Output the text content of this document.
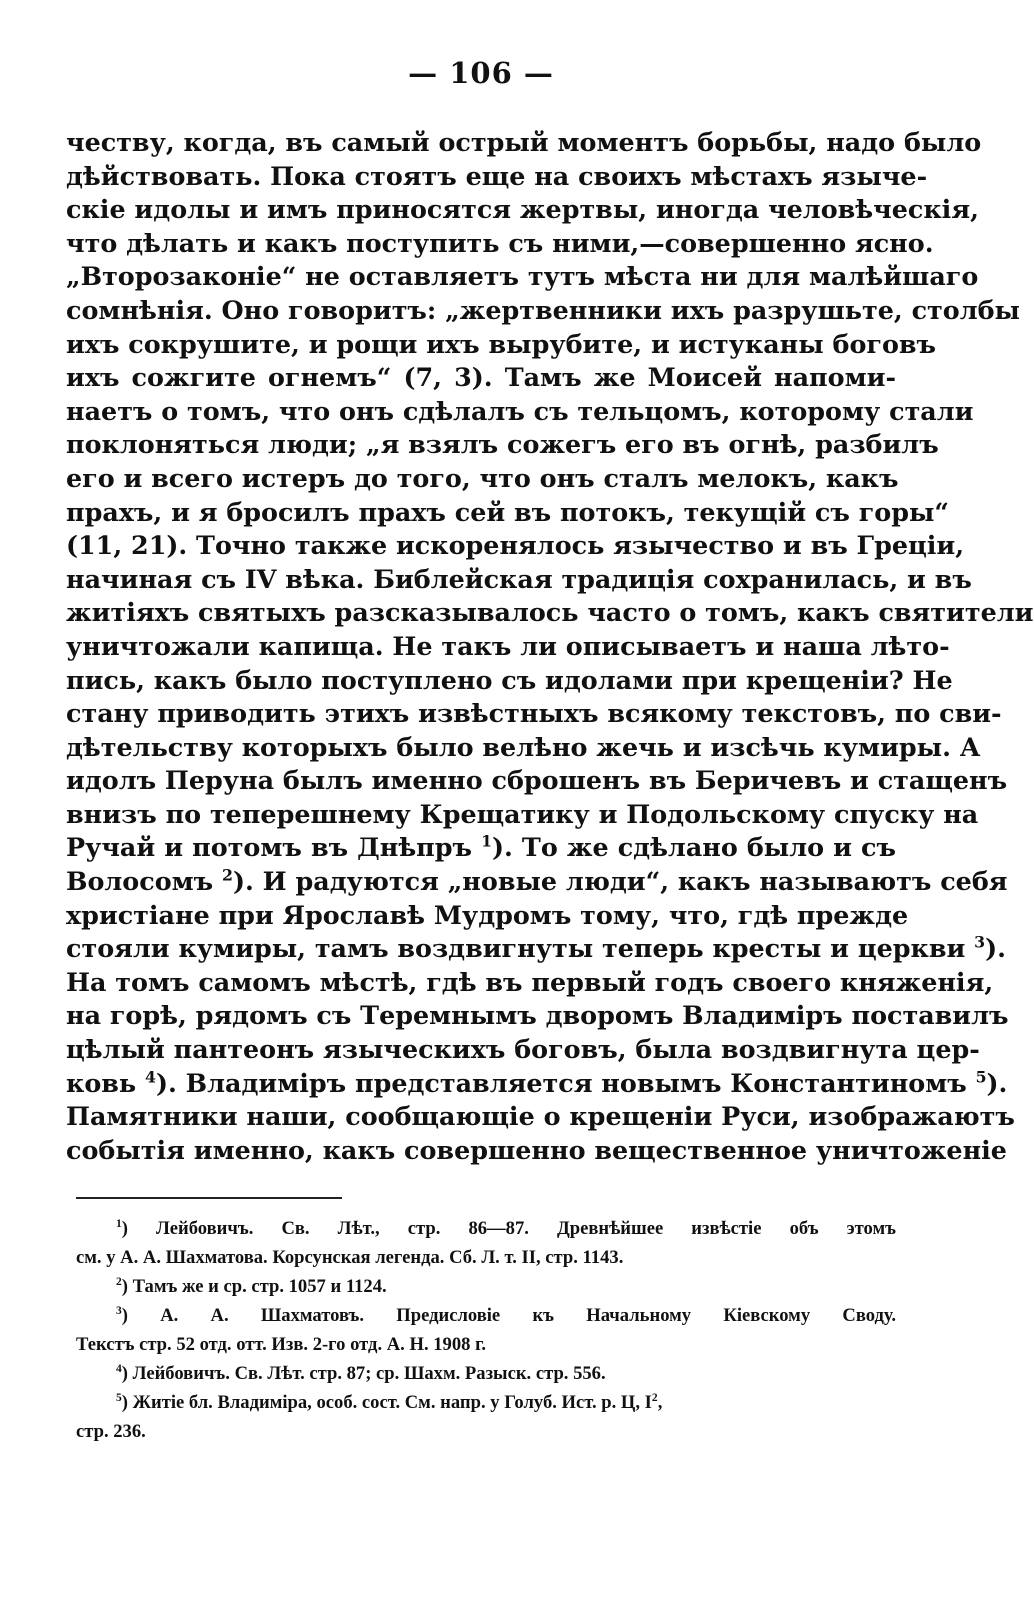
— 106 —
честву, когда, въ самый острый моментъ борьбы, надо было
дѣйствовать. Пока стоятъ еще на своихъ мѣстахъ языче-
скіе идолы и имъ приносятся жертвы, иногда человѣческія,
что дѣлать и какъ поступить съ ними,—совершенно ясно.
„Второзаконіе“ не оставляетъ тутъ мѣста ни для малѣйшаго
сомнѣнія. Оно говоритъ: „жертвенники ихъ разрушьте, столбы
ихъ сокрушите, и рощи ихъ вырубите, и истуканы боговъ
ихъ сожгите огнемъ“ (7, 3). Тамъ же Моисей напоми-
наетъ о томъ, что онъ сдѣлалъ съ тельцомъ, которому стали
поклоняться люди; „я взялъ сожегъ его въ огнѣ, разбилъ
его и всего истеръ до того, что онъ сталъ мелокъ, какъ
прахъ, и я бросилъ прахъ сей въ потокъ, текущій съ горы“
(11, 21). Точно также искоренялось язычество и въ Греціи,
начиная съ IV вѣка. Библейская традиція сохранилась, и въ
житіяхъ святыхъ разсказывалось часто о томъ, какъ святители
уничтожали капища. Не такъ ли описываетъ и наша лѣто-
пись, какъ было поступлено съ идолами при крещеніи? Не
стану приводить этихъ извѣстныхъ всякому текстовъ, по сви-
дѣтельству которыхъ было велѣно жечь и изсѣчь кумиры. А
идолъ Перуна былъ именно сброшенъ въ Беричевъ и стащенъ
внизъ по теперешнему Крещатику и Подольскому спуску на
Ручай и потомъ въ Днѣпръ $^1$). То же сдѣлано было и съ
Волосомъ $^2$). И радуются „новые люди“, какъ называютъ себя
христіане при Ярославѣ Мудромъ тому, что, гдѣ прежде
стояли кумиры, тамъ воздвигнуты теперь кресты и церкви $^3$).
На томъ самомъ мѣстѣ, гдѣ въ первый годъ своего княженія,
на горѣ, рядомъ съ Теремнымъ дворомъ Владиміръ поставилъ
цѣлый пантеонъ языческихъ боговъ, была воздвигнута цер-
ковь $^4$). Владиміръ представляется новымъ Константиномъ $^5$).
Памятники наши, сообщающіе о крещеніи Руси, изображаютъ
событія именно, какъ совершенно вещественное уничтоженіе
$^1$) Лейбовичъ. Св. Лѣт., стр. 86—87. Древнѣйшее извѣстіе объ этомъ
см. у А. А. Шахматова. Корсунская легенда. Сб. Л. т. II, стр. 1143.
$^2$) Тамъ же и ср. стр. 1057 и 1124.
$^3$) А. А. Шахматовъ. Предисловіе къ Начальному Кіевскому Своду.
Текстъ стр. 52 отд. отт. Изв. 2-го отд. А. Н. 1908 г.
$^4$) Лейбовичъ. Св. Лѣт. стр. 87; ср. Шахм. Разыск. стр. 556.
$^5$) Житіе бл. Владиміра, особ. сост. См. напр. у Голуб. Ист. р. Ц, $I^2$,
стр. 236.
